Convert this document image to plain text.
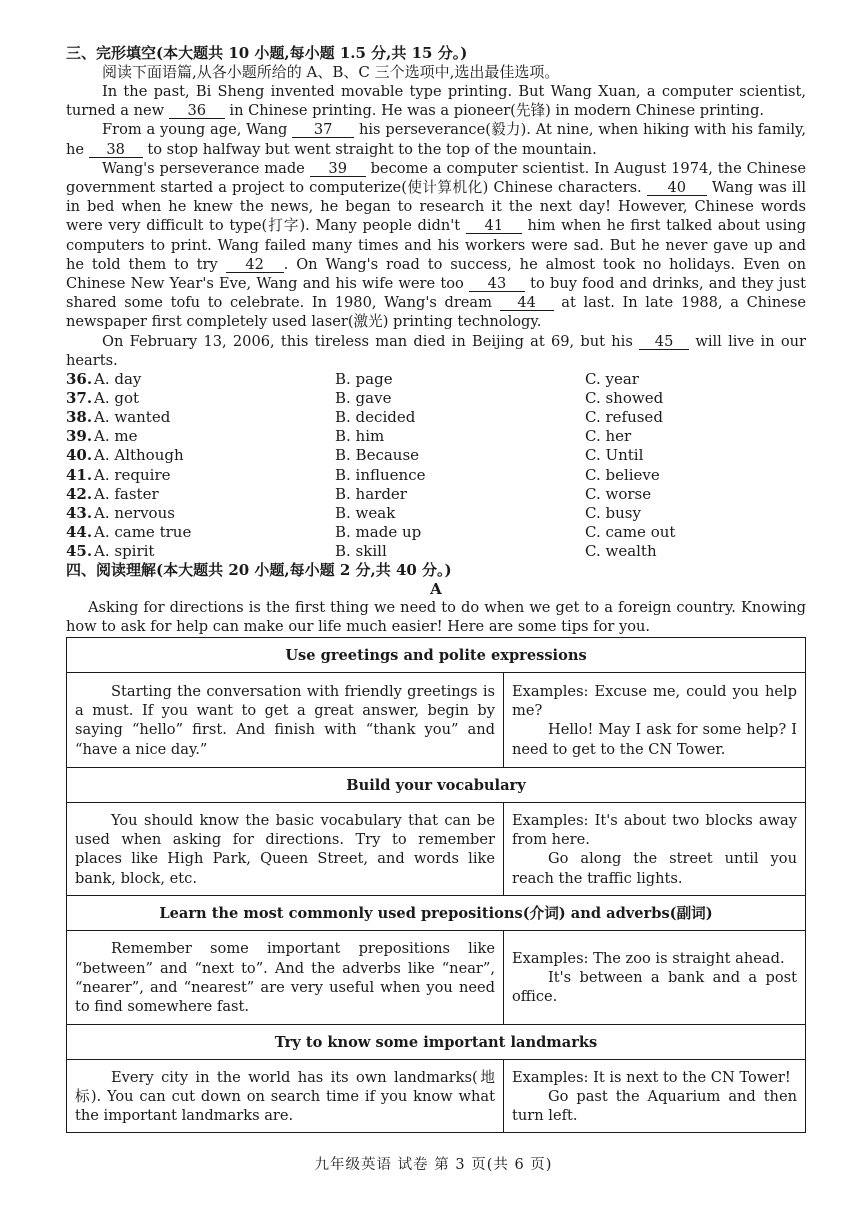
三、完形填空(本大题共 10 小题,每小题 1.5 分,共 15 分。)
阅读下面语篇,从各小题所给的 A、B、C 三个选项中,选出最佳选项。

In the past, Bi Sheng invented movable type printing. But Wang Xuan, a computer scientist, turned a new 36 in Chinese printing. He was a pioneer(先锋) in modern Chinese printing.

From a young age, Wang 37 his perseverance(毅力). At nine, when hiking with his family, he 38 to stop halfway but went straight to the top of the mountain.

Wang's perseverance made 39 become a computer scientist. In August 1974, the Chinese government started a project to computerize(使计算机化) Chinese characters. 40 Wang was ill in bed when he knew the news, he began to research it the next day! However, Chinese words were very difficult to type(打字). Many people didn't 41 him when he first talked about using computers to print. Wang failed many times and his workers were sad. But he never gave up and he told them to try 42 . On Wang's road to success, he almost took no holidays. Even on Chinese New Year's Eve, Wang and his wife were too 43 to buy food and drinks, and they just shared some tofu to celebrate. In 1980, Wang's dream 44 at last. In late 1988, a Chinese newspaper first completely used laser(激光) printing technology.

On February 13, 2006, this tireless man died in Beijing at 69, but his 45 will live in our hearts.

36. A. day	B. page	C. year
37. A. got	B. gave	C. showed
38. A. wanted	B. decided	C. refused
39. A. me	B. him	C. her
40. A. Although	B. Because	C. Until
41. A. require	B. influence	C. believe
42. A. faster	B. harder	C. worse
43. A. nervous	B. weak	C. busy
44. A. came true	B. made up	C. came out
45. A. spirit	B. skill	C. wealth
四、阅读理解(本大题共 20 小题,每小题 2 分,共 40 分。)
A

Asking for directions is the first thing we need to do when we get to a foreign country. Knowing how to ask for help can make our life much easier! Here are some tips for you.

Use greetings and polite expressions	
Starting the conversation with friendly greetings is a must. If you want to get a great answer, begin by saying “hello” first. And finish with “thank you” and “have a nice day.”	Examples: Excuse me, could you help me?
Hello! May I ask for some help? I need to get to the CN Tower.

Build your vocabulary	
You should know the basic vocabulary that can be used when asking for directions. Try to remember places like High Park, Queen Street, and words like bank, block, etc.	Examples: It's about two blocks away from here.
Go along the street until you reach the traffic lights.

Learn the most commonly used prepositions(介词) and adverbs(副词)	
Remember some important prepositions like “between” and “next to”. And the adverbs like “near”, “nearer”, and “nearest” are very useful when you need to find somewhere fast.	Examples: The zoo is straight ahead.
It's between a bank and a post office.

Try to know some important landmarks	
Every city in the world has its own landmarks(地标). You can cut down on search time if you know what the important landmarks are.	Examples: It is next to the CN Tower!
Go past the Aquarium and then turn left.
九年级英语 试卷 第 3 页(共 6 页)
